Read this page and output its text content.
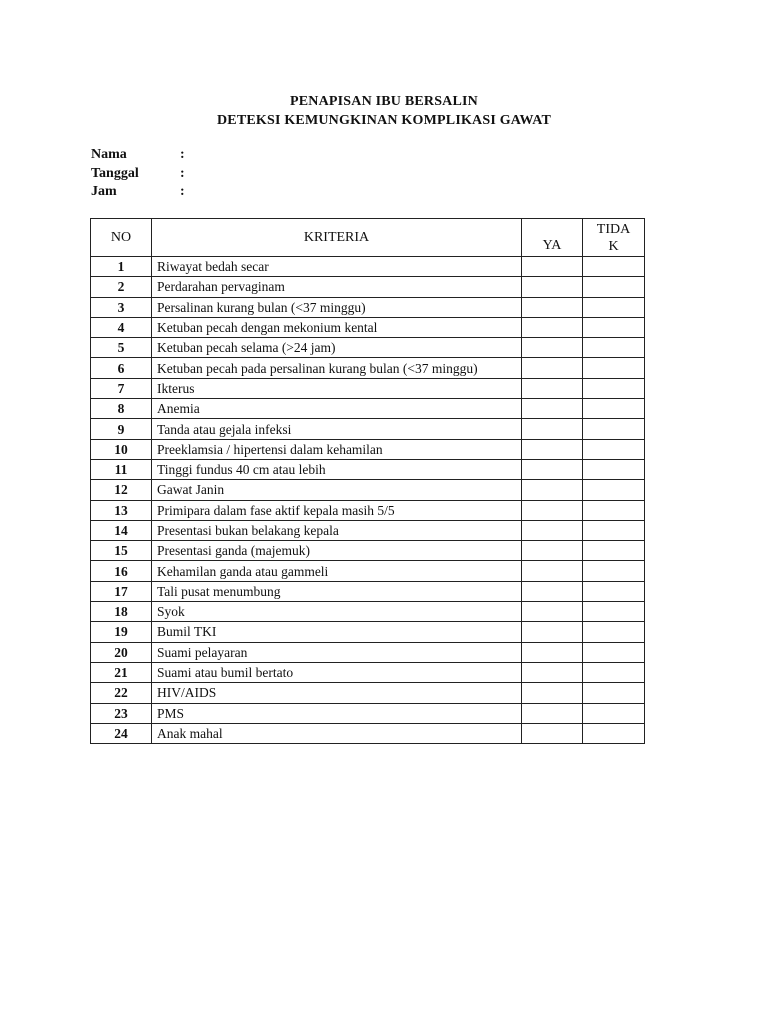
PENAPISAN IBU BERSALIN
DETEKSI KEMUNGKINAN KOMPLIKASI GAWAT
Nama	:
Tanggal	:
Jam	:
NO	KRITERIA	YA	TIDA
K

1	Riwayat bedah secar		
2	Perdarahan pervaginam		
3	Persalinan kurang bulan (<37 minggu)		
4	Ketuban pecah dengan mekonium kental		
5	Ketuban pecah selama (>24 jam)		
6	Ketuban pecah pada persalinan kurang bulan (<37 minggu)		
7	Ikterus		
8	Anemia		
9	Tanda atau gejala infeksi		
10	Preeklamsia / hipertensi dalam kehamilan		
11	Tinggi fundus 40 cm atau lebih		
12	Gawat Janin		
13	Primipara dalam fase aktif kepala masih 5/5		
14	Presentasi bukan belakang kepala		
15	Presentasi ganda (majemuk)		
16	Kehamilan ganda atau gammeli		
17	Tali pusat menumbung		
18	Syok		
19	Bumil TKI		
20	Suami pelayaran		
21	Suami atau bumil bertato		
22	HIV/AIDS		
23	PMS		
24	Anak mahal		
